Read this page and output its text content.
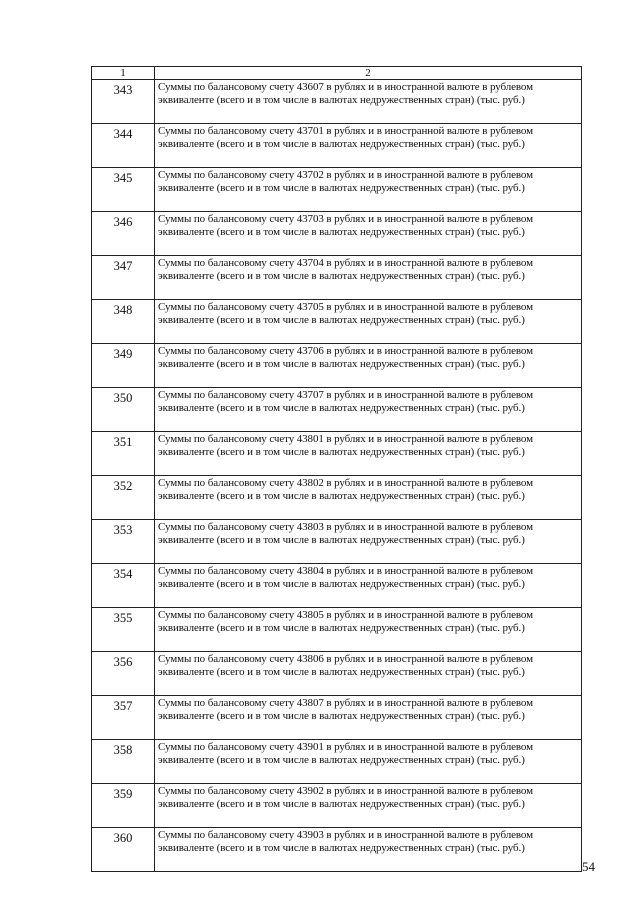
1	2
343	Суммы по балансовому счету 43607 в рублях и в иностранной валюте в рублевом эквиваленте (всего и в том числе в валютах недружественных стран) (тыс. руб.)
344	Суммы по балансовому счету 43701 в рублях и в иностранной валюте в рублевом эквиваленте (всего и в том числе в валютах недружественных стран) (тыс. руб.)
345	Суммы по балансовому счету 43702 в рублях и в иностранной валюте в рублевом эквиваленте (всего и в том числе в валютах недружественных стран) (тыс. руб.)
346	Суммы по балансовому счету 43703 в рублях и в иностранной валюте в рублевом эквиваленте (всего и в том числе в валютах недружественных стран) (тыс. руб.)
347	Суммы по балансовому счету 43704 в рублях и в иностранной валюте в рублевом эквиваленте (всего и в том числе в валютах недружественных стран) (тыс. руб.)
348	Суммы по балансовому счету 43705 в рублях и в иностранной валюте в рублевом эквиваленте (всего и в том числе в валютах недружественных стран) (тыс. руб.)
349	Суммы по балансовому счету 43706 в рублях и в иностранной валюте в рублевом эквиваленте (всего и в том числе в валютах недружественных стран) (тыс. руб.)
350	Суммы по балансовому счету 43707 в рублях и в иностранной валюте в рублевом эквиваленте (всего и в том числе в валютах недружественных стран) (тыс. руб.)
351	Суммы по балансовому счету 43801 в рублях и в иностранной валюте в рублевом эквиваленте (всего и в том числе в валютах недружественных стран) (тыс. руб.)
352	Суммы по балансовому счету 43802 в рублях и в иностранной валюте в рублевом эквиваленте (всего и в том числе в валютах недружественных стран) (тыс. руб.)
353	Суммы по балансовому счету 43803 в рублях и в иностранной валюте в рублевом эквиваленте (всего и в том числе в валютах недружественных стран) (тыс. руб.)
354	Суммы по балансовому счету 43804 в рублях и в иностранной валюте в рублевом эквиваленте (всего и в том числе в валютах недружественных стран) (тыс. руб.)
355	Суммы по балансовому счету 43805 в рублях и в иностранной валюте в рублевом эквиваленте (всего и в том числе в валютах недружественных стран) (тыс. руб.)
356	Суммы по балансовому счету 43806 в рублях и в иностранной валюте в рублевом эквиваленте (всего и в том числе в валютах недружественных стран) (тыс. руб.)
357	Суммы по балансовому счету 43807 в рублях и в иностранной валюте в рублевом эквиваленте (всего и в том числе в валютах недружественных стран) (тыс. руб.)
358	Суммы по балансовому счету 43901 в рублях и в иностранной валюте в рублевом эквиваленте (всего и в том числе в валютах недружественных стран) (тыс. руб.)
359	Суммы по балансовому счету 43902 в рублях и в иностранной валюте в рублевом эквиваленте (всего и в том числе в валютах недружественных стран) (тыс. руб.)
360	Суммы по балансовому счету 43903 в рублях и в иностранной валюте в рублевом эквиваленте (всего и в том числе в валютах недружественных стран) (тыс. руб.)
54
